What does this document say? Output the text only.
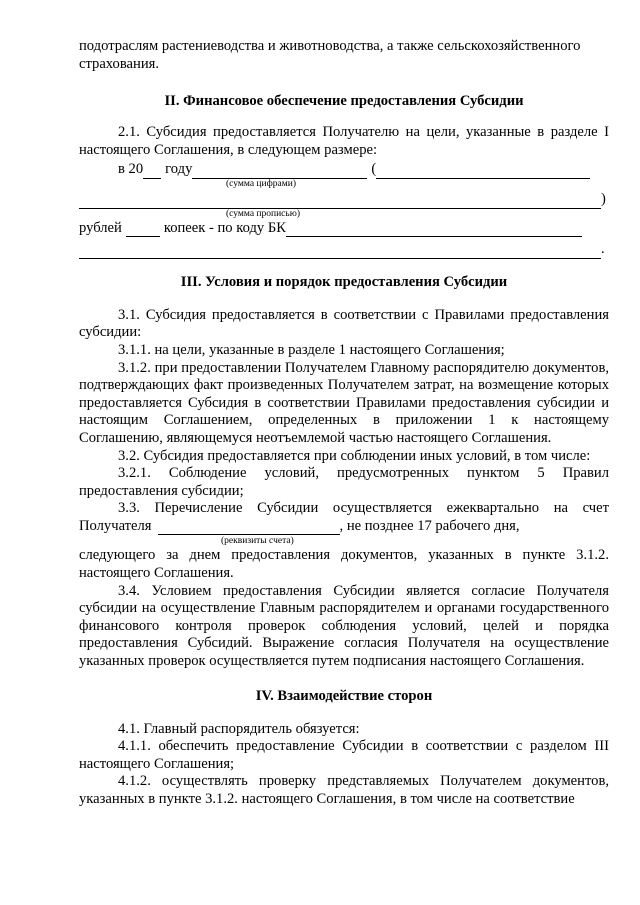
подотраслям растениеводства и животноводства, а также сельскохозяйственного

страхования.

II. Финансовое обеспечение предоставления Субсидии

2.1. Субсидия предоставляется Получателю на цели, указанные в разделе I настоящего Соглашения, в следующем размере:

в 20 году	(
(сумма цифрами)
)
(сумма прописью)
рублей	копеек - по коду БК
.

III. Условия и порядок предоставления Субсидии

3.1. Субсидия предоставляется в соответствии с Правилами предоставления субсидии:

3.1.1. на цели, указанные в разделе 1 настоящего Соглашения;

3.1.2. при предоставлении Получателем Главному распорядителю документов, подтверждающих факт произведенных Получателем затрат, на возмещение которых предоставляется Субсидия в соответствии Правилами предоставления субсидии и настоящим Соглашением, определенных в приложении 1 к настоящему Соглашению, являющемуся неотъемлемой частью настоящего Соглашения.

3.2. Субсидия предоставляется при соблюдении иных условий, в том числе:

3.2.1. Соблюдение условий, предусмотренных пунктом 5 Правил предоставления субсидии;

3.3. Перечисление Субсидии осуществляется ежеквартально на счет

Получателя	, не позднее 17 рабочего дня,
(реквизиты счета)

следующего за днем предоставления документов, указанных в пункте 3.1.2. настоящего Соглашения.

3.4. Условием предоставления Субсидии является согласие Получателя субсидии на осуществление Главным распорядителем и органами государственного финансового контроля проверок соблюдения условий, целей и порядка предоставления Субсидий. Выражение согласия Получателя на осуществление указанных проверок осуществляется путем подписания настоящего Соглашения.

IV. Взаимодействие сторон

4.1. Главный распорядитель обязуется:

4.1.1. обеспечить предоставление Субсидии в соответствии с разделом III настоящего Соглашения;

4.1.2. осуществлять проверку представляемых Получателем документов, указанных в пункте 3.1.2. настоящего Соглашения, в том числе на соответствие
